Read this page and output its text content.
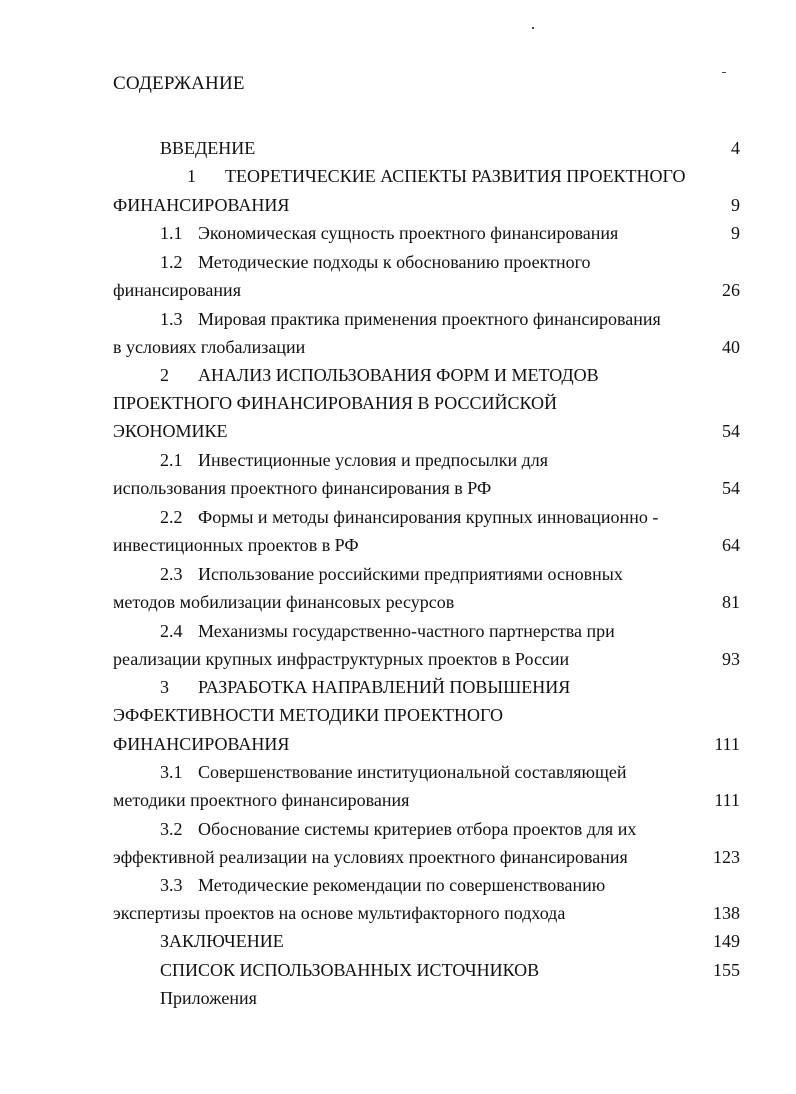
СОДЕРЖАНИЕ
ВВЕДЕНИЕ	4
1 ТЕОРЕТИЧЕСКИЕ АСПЕКТЫ РАЗВИТИЯ ПРОЕКТНОГО
ФИНАНСИРОВАНИЯ	9
1.1 Экономическая сущность проектного финансирования	9
1.2 Методические подходы к обоснованию проектного
финансирования	26
1.3 Мировая практика применения проектного финансирования
в условиях глобализации	40
2 АНАЛИЗ ИСПОЛЬЗОВАНИЯ ФОРМ И МЕТОДОВ
ПРОЕКТНОГО ФИНАНСИРОВАНИЯ В РОССИЙСКОЙ
ЭКОНОМИКЕ	54
2.1 Инвестиционные условия и предпосылки для
использования проектного финансирования в РФ	54
2.2 Формы и методы финансирования крупных инновационно -
инвестиционных проектов в РФ	64
2.3 Использование российскими предприятиями основных
методов мобилизации финансовых ресурсов	81
2.4 Механизмы государственно-частного партнерства при
реализации крупных инфраструктурных проектов в России	93
3 РАЗРАБОТКА НАПРАВЛЕНИЙ ПОВЫШЕНИЯ
ЭФФЕКТИВНОСТИ МЕТОДИКИ ПРОЕКТНОГО
ФИНАНСИРОВАНИЯ	111
3.1 Совершенствование институциональной составляющей
методики проектного финансирования	111
3.2 Обоснование системы критериев отбора проектов для их
эффективной реализации на условиях проектного финансирования	123
3.3 Методические рекомендации по совершенствованию
экспертизы проектов на основе мультифакторного подхода	138
ЗАКЛЮЧЕНИЕ	149
СПИСОК ИСПОЛЬЗОВАННЫХ ИСТОЧНИКОВ	155
Приложения
